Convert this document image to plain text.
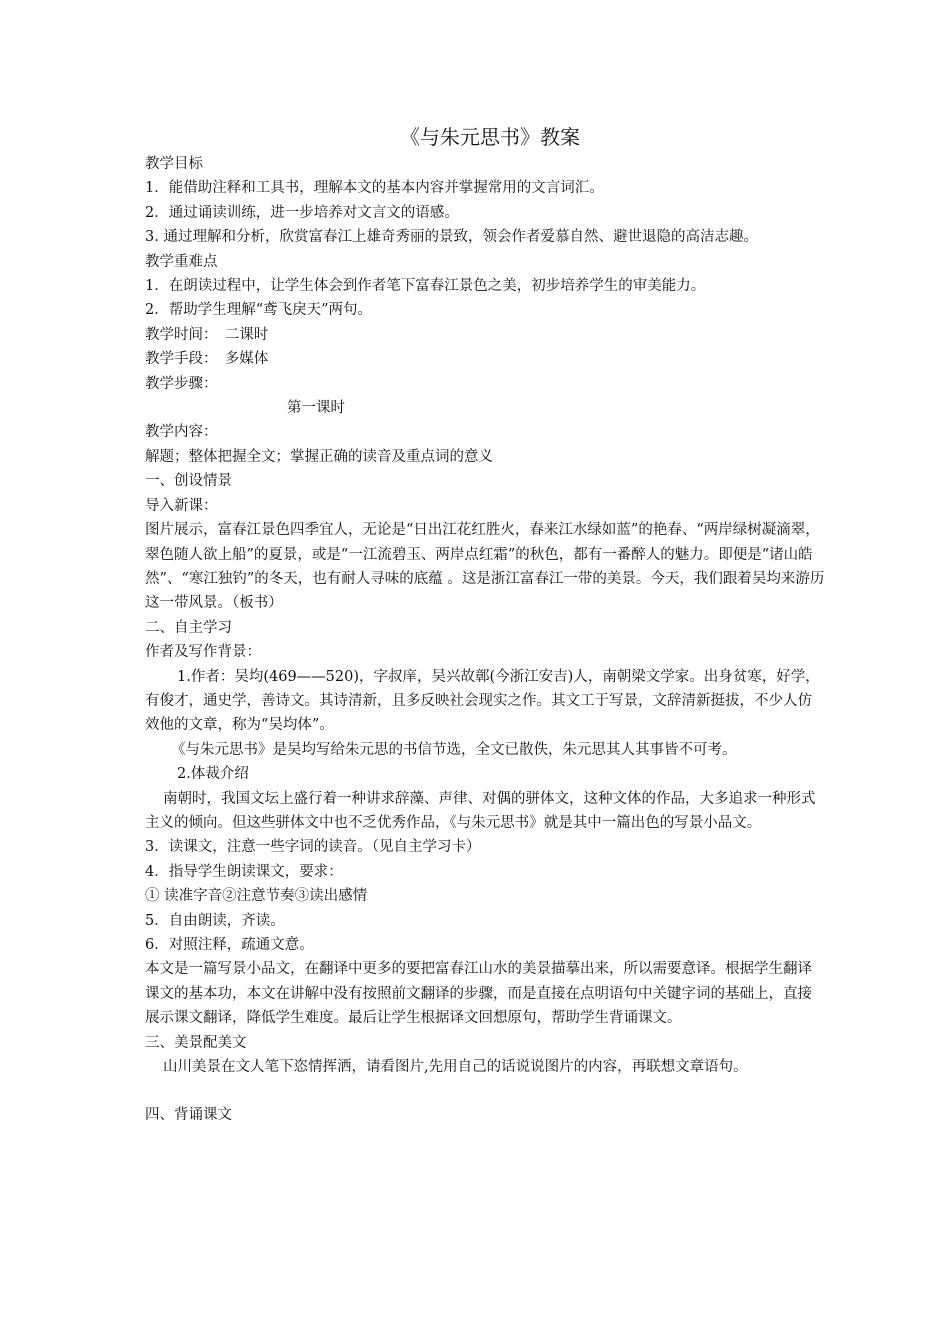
《与朱元思书》教案

教学目标

1．能借助注释和工具书，理解本文的基本内容并掌握常用的文言词汇。

2．通过诵读训练，进一步培养对文言文的语感。

3. 通过理解和分析，欣赏富春江上雄奇秀丽的景致，领会作者爱慕自然、避世退隐的高洁志趣。

教学重难点

1．在朗读过程中，让学生体会到作者笔下富春江景色之美，初步培养学生的审美能力。

2．帮助学生理解“鸢飞戾天”两句。

教学时间：　二课时

教学手段：　多媒体

教学步骤：

第一课时

教学内容：

解题；整体把握全文；掌握正确的读音及重点词的意义

一、创设情景

导入新课：

图片展示，富春江景色四季宜人，无论是“日出江花红胜火，春来江水绿如蓝”的艳春、“两岸绿树凝滴翠，翠色随人欲上船”的夏景，或是“一江流碧玉、两岸点红霜”的秋色，都有一番醉人的魅力。即便是“诸山皓然”、“寒江独钓”的冬天，也有耐人寻味的底蕴 。这是浙江富春江一带的美景。今天，我们跟着吴均来游历这一带风景。（板书）

二、自主学习

作者及写作背景：

1.作者：吴均(469——520)，字叔庠，吴兴故鄣(今浙江安吉)人，南朝梁文学家。出身贫寒，好学，有俊才，通史学，善诗文。其诗清新，且多反映社会现实之作。其文工于写景，文辞清新挺拔，不少人仿效他的文章，称为“吴均体”。

《与朱元思书》是吴均写给朱元思的书信节选，全文已散佚，朱元思其人其事皆不可考。

2.体裁介绍

南朝时，我国文坛上盛行着一种讲求辞藻、声律、对偶的骈体文，这种文体的作品，大多追求一种形式主义的倾向。但这些骈体文中也不乏优秀作品，《与朱元思书》就是其中一篇出色的写景小品文。

3．读课文，注意一些字词的读音。（见自主学习卡）

4．指导学生朗读课文，要求：

① 读准字音②注意节奏③读出感情

5．自由朗读，齐读。

6．对照注释，疏通文意。

本文是一篇写景小品文，在翻译中更多的要把富春江山水的美景描摹出来，所以需要意译。根据学生翻译课文的基本功，本文在讲解中没有按照前文翻译的步骤，而是直接在点明语句中关键字词的基础上，直接展示课文翻译，降低学生难度。最后让学生根据译文回想原句，帮助学生背诵课文。

三、美景配美文

山川美景在文人笔下恣情挥洒，请看图片,先用自己的话说说图片的内容，再联想文章语句。

四、背诵课文
